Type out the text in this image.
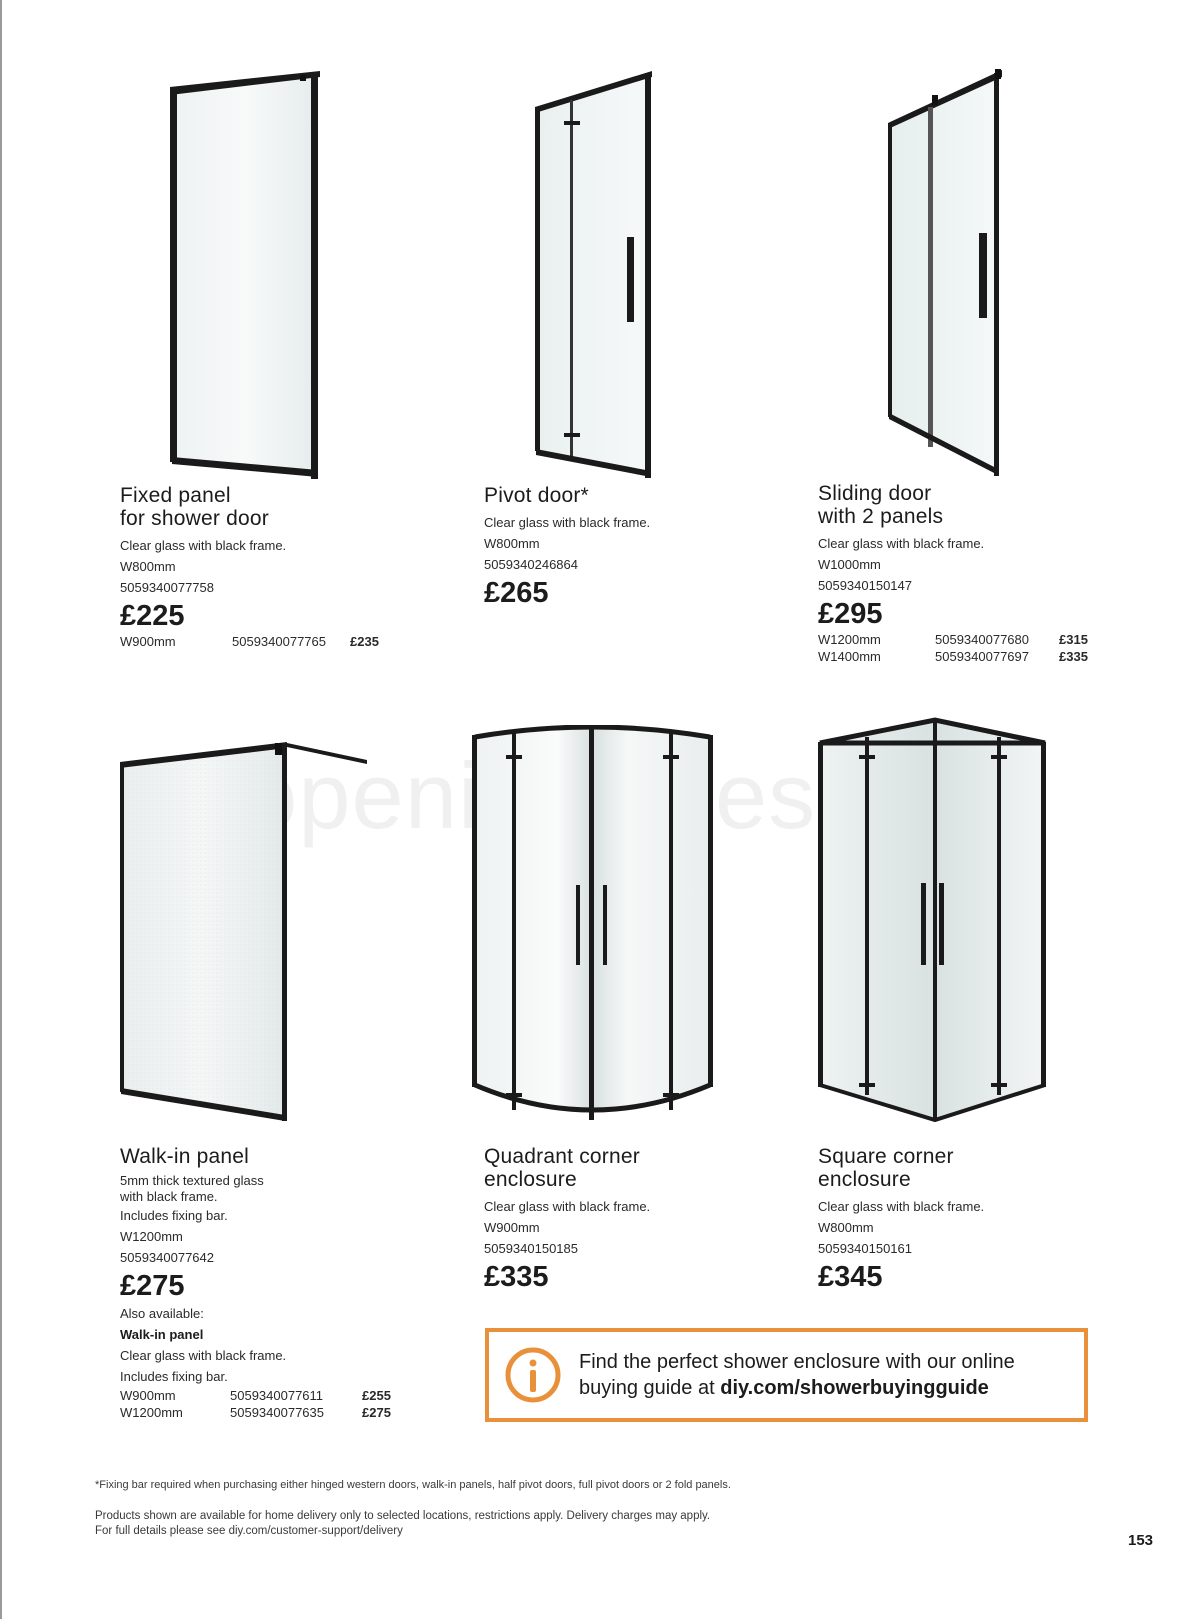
Fixed panel
for shower door
Clear glass with black frame.
W800mm
5059340077758
£225
W900mm	5059340077765	£235
Pivot door*
Clear glass with black frame.
W800mm
5059340246864
£265
Sliding door
with 2 panels
Clear glass with black frame.
W1000mm
5059340150147
£295
W1200mm	5059340077680	£315
W1400mm	5059340077697	£335
Walk-in panel
5mm thick textured glass
with black frame.
Includes fixing bar.
W1200mm
5059340077642
£275
Also available:
Walk-in panel
Clear glass with black frame.
Includes fixing bar.
W900mm	5059340077611	£255
W1200mm	5059340077635	£275
Quadrant corner
enclosure
Clear glass with black frame.
W900mm
5059340150185
£335
Square corner
enclosure
Clear glass with black frame.
W800mm
5059340150161
£345
Find the perfect shower enclosure with our online
buying guide at diy.com/showerbuyingguide
*Fixing bar required when purchasing either hinged western doors, walk-in panels, half pivot doors, full pivot doors or 2 fold panels.
Products shown are available for home delivery only to selected locations, restrictions apply. Delivery charges may apply.
For full details please see diy.com/customer-support/delivery
153
